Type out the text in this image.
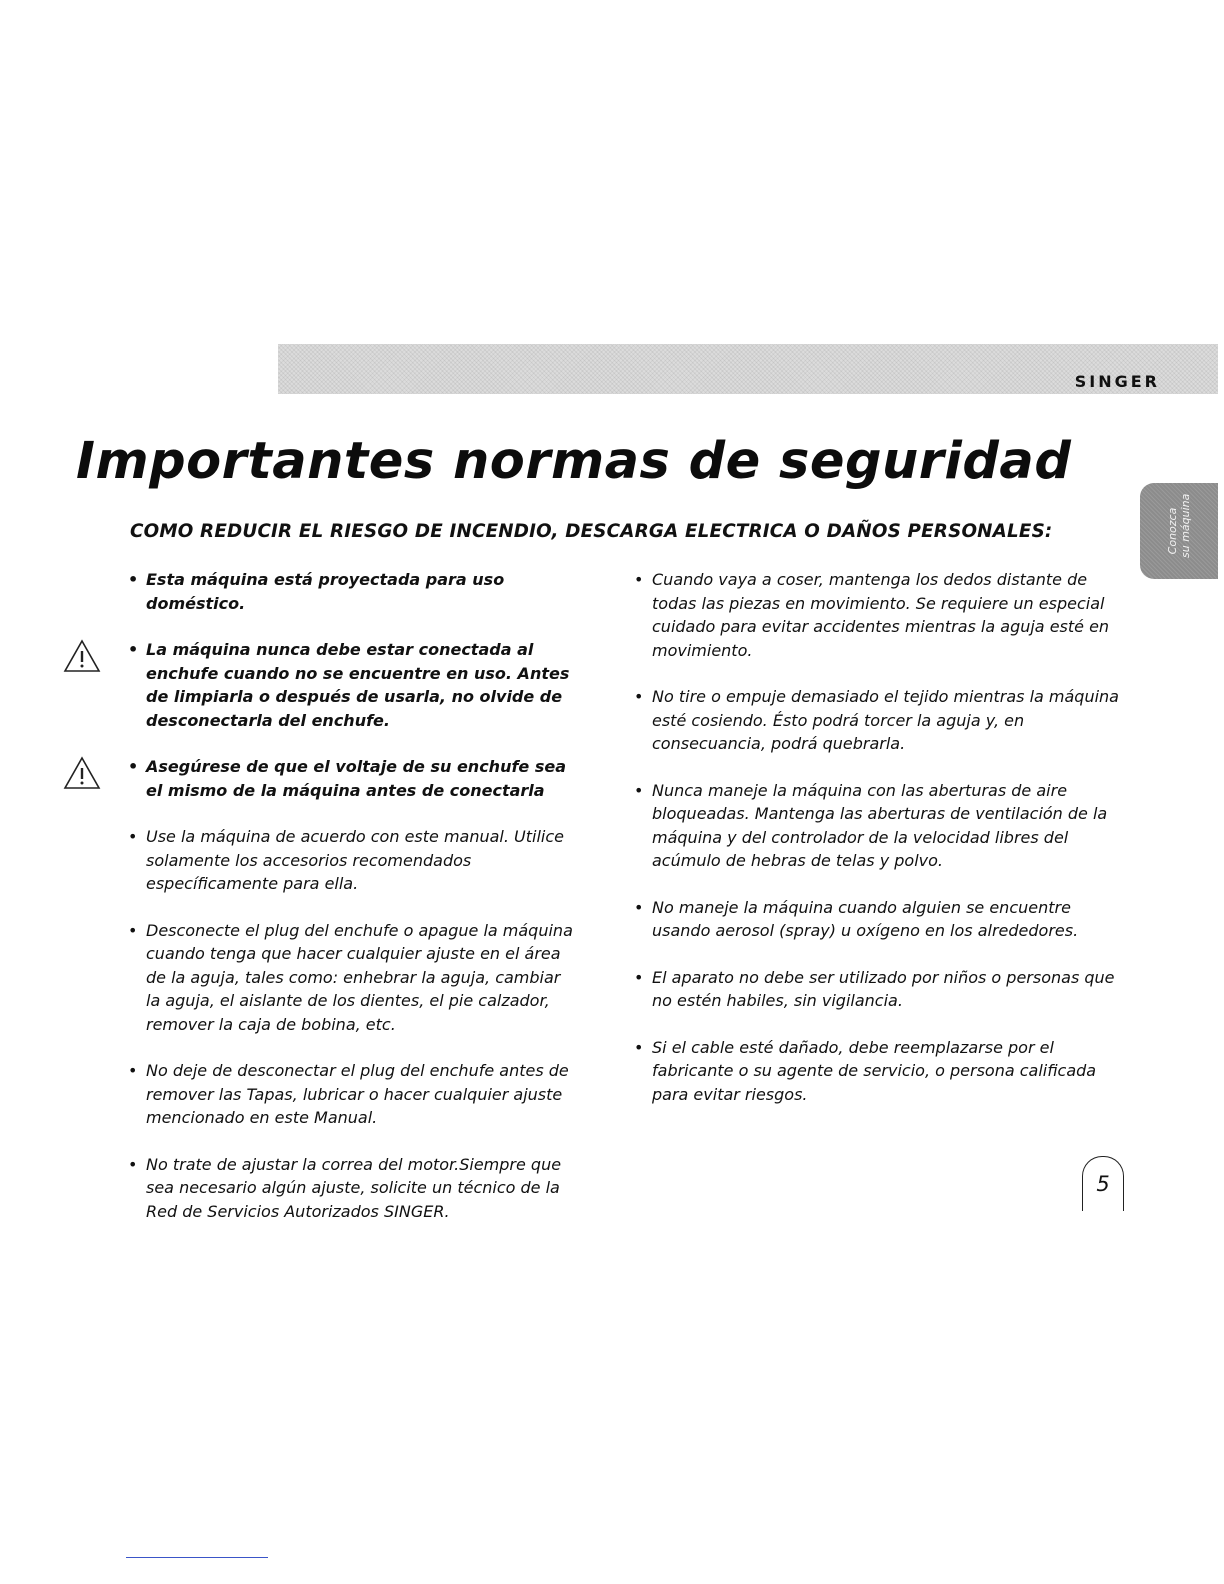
SINGER
Importantes normas de seguridad
Conozca su máquina
COMO REDUCIR EL RIESGO DE INCENDIO, DESCARGA ELECTRICA O DAÑOS PERSONALES:
• Esta máquina está proyectada para uso doméstico.
• La máquina nunca debe estar conectada al enchufe cuando no se encuentre en uso. Antes de limpiarla o después de usarla, no olvide de desconectarla del enchufe.
• Asegúrese de que el voltaje de su enchufe sea el mismo de la máquina antes de conectarla
• Use la máquina de acuerdo con este manual. Utilice solamente los accesorios recomendados específicamente para ella.
• Desconecte el plug del enchufe o apague la máquina cuando tenga que hacer cualquier ajuste en el área de la aguja, tales como: enhebrar la aguja, cambiar la aguja, el aislante de los dientes, el pie calzador, remover la caja de bobina, etc.
• No deje de desconectar el plug del enchufe antes de remover las Tapas, lubricar o hacer cualquier ajuste mencionado en este Manual.
• No trate de ajustar la correa del motor.Siempre que sea necesario algún ajuste, solicite un técnico de la Red de Servicios Autorizados SINGER.
• Cuando vaya a coser, mantenga los dedos distante de todas las piezas en movimiento. Se requiere un especial cuidado para evitar accidentes mientras la aguja esté en movimiento.
• No tire o empuje demasiado el tejido mientras la máquina esté cosiendo. Ésto podrá torcer la aguja y, en consecuancia, podrá quebrarla.
• Nunca maneje la máquina con las aberturas de aire bloqueadas. Mantenga las aberturas de ventilación de la máquina y del controlador de la velocidad libres del acúmulo de hebras de telas y polvo.
• No maneje la máquina cuando alguien se encuentre usando aerosol (spray) u oxígeno en los alrededores.
• El aparato no debe ser utilizado por niños o personas que no estén habiles, sin vigilancia.
• Si el cable esté dañado, debe reemplazarse por el fabricante o su agente de servicio, o persona calificada para evitar riesgos.
5
